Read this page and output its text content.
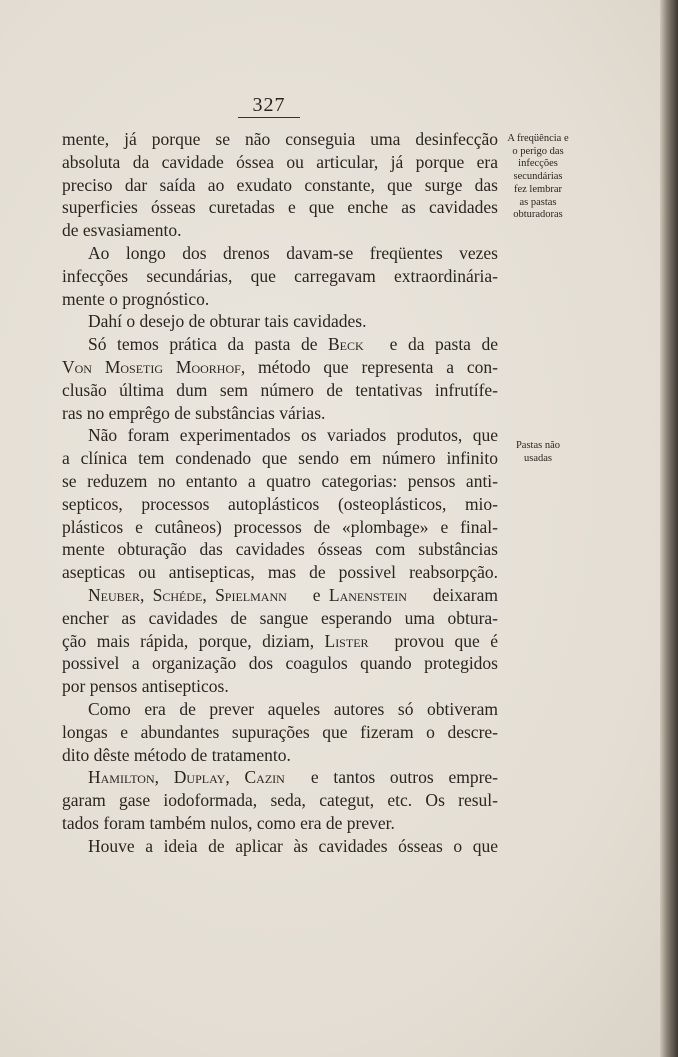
327
mente, já porque se não conseguia uma desinfecção
absoluta da cavidade óssea ou articular, já porque era
preciso dar saída ao exudato constante, que surge das
superficies ósseas curetadas e que enche as cavidades
de esvasiamento.
Ao longo dos drenos davam-se freqüentes vezes
infecções secundárias, que carregavam extraordinária-
mente o prognóstico.
Dahí o desejo de obturar tais cavidades.
Só temos prática da pasta de Beck e da pasta de
Von Mosetig Moorhof, método que representa a con-
clusão última dum sem número de tentativas infrutífe-
ras no emprêgo de substâncias várias.
Não foram experimentados os variados produtos, que
a clínica tem condenado que sendo em número infinito
se reduzem no entanto a quatro categorias: pensos anti-
septicos, processos autoplásticos (osteoplásticos, mio-
plásticos e cutâneos) processos de «plombage» e final-
mente obturação das cavidades ósseas com substâncias
asepticas ou antisepticas, mas de possivel reabsorpção.
Neuber, Schéde, Spielmann e Lanenstein deixaram
encher as cavidades de sangue esperando uma obtura-
ção mais rápida, porque, diziam, Lister provou que é
possivel a organização dos coagulos quando protegidos
por pensos antisepticos.
Como era de prever aqueles autores só obtiveram
longas e abundantes supurações que fizeram o descre-
dito dêste método de tratamento.
Hamilton, Duplay, Cazin e tantos outros empre-
garam gase iodoformada, seda, categut, etc. Os resul-
tados foram também nulos, como era de prever.
Houve a ideia de aplicar às cavidades ósseas o que
A freqüência e
o perigo das
infecções
secundárias
fez lembrar
as pastas
obturadoras
Pastas não
usadas
